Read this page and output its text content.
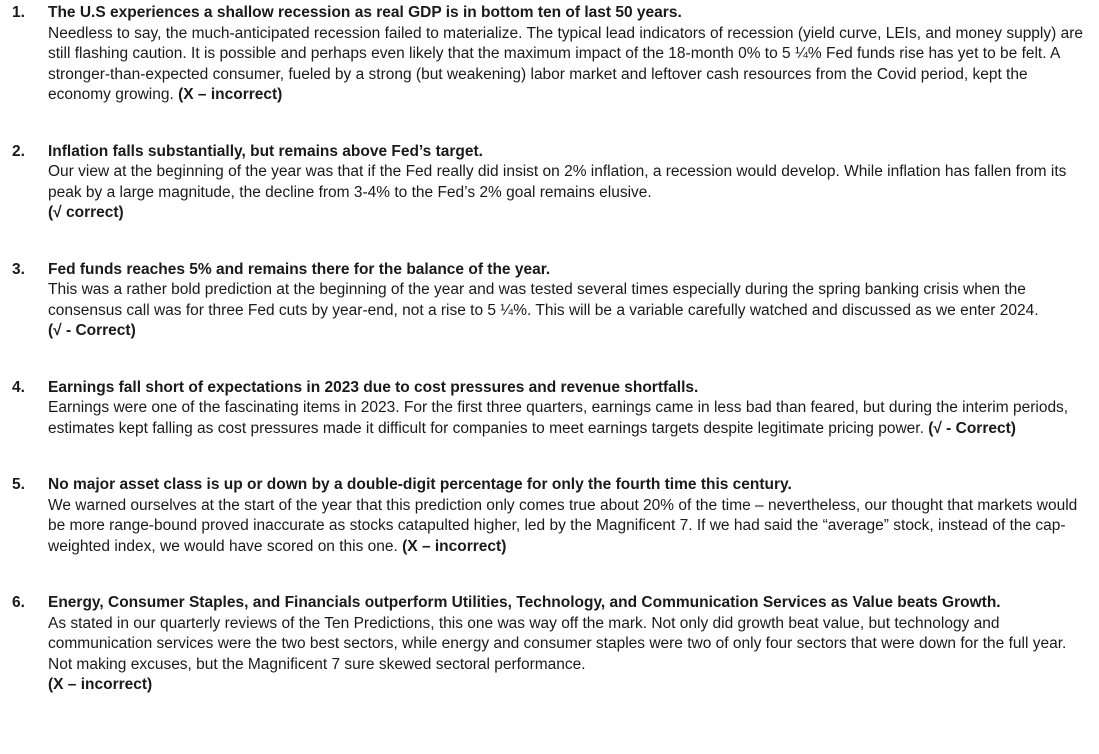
1.	The U.S experiences a shallow recession as real GDP is in bottom ten of last 50 years.
Needless to say, the much-anticipated recession failed to materialize. The typical lead indicators of recession (yield curve, LEIs, and money supply) are still flashing caution. It is possible and perhaps even likely that the maximum impact of the 18-month 0% to 5 ¼% Fed funds rise has yet to be felt. A stronger-than-expected consumer, fueled by a strong (but weakening) labor market and leftover cash resources from the Covid period, kept the economy growing. (X – incorrect)
2.	Inflation falls substantially, but remains above Fed’s target.
Our view at the beginning of the year was that if the Fed really did insist on 2% inflation, a recession would develop. While inflation has fallen from its peak by a large magnitude, the decline from 3-4% to the Fed’s 2% goal remains elusive.
(√ correct)
3.	Fed funds reaches 5% and remains there for the balance of the year.
This was a rather bold prediction at the beginning of the year and was tested several times especially during the spring banking crisis when the consensus call was for three Fed cuts by year-end, not a rise to 5 ¼%. This will be a variable carefully watched and discussed as we enter 2024. (√ - Correct)
4.	Earnings fall short of expectations in 2023 due to cost pressures and revenue shortfalls.
Earnings were one of the fascinating items in 2023. For the first three quarters, earnings came in less bad than feared, but during the interim periods, estimates kept falling as cost pressures made it difficult for companies to meet earnings targets despite legitimate pricing power. (√ - Correct)
5.	No major asset class is up or down by a double-digit percentage for only the fourth time this century.
We warned ourselves at the start of the year that this prediction only comes true about 20% of the time – nevertheless, our thought that markets would be more range-bound proved inaccurate as stocks catapulted higher, led by the Magnificent 7. If we had said the “average” stock, instead of the cap-weighted index, we would have scored on this one. (X – incorrect)
6.	Energy, Consumer Staples, and Financials outperform Utilities, Technology, and Communication Services as Value beats Growth.
As stated in our quarterly reviews of the Ten Predictions, this one was way off the mark. Not only did growth beat value, but technology and communication services were the two best sectors, while energy and consumer staples were two of only four sectors that were down for the full year. Not making excuses, but the Magnificent 7 sure skewed sectoral performance.
(X – incorrect)
